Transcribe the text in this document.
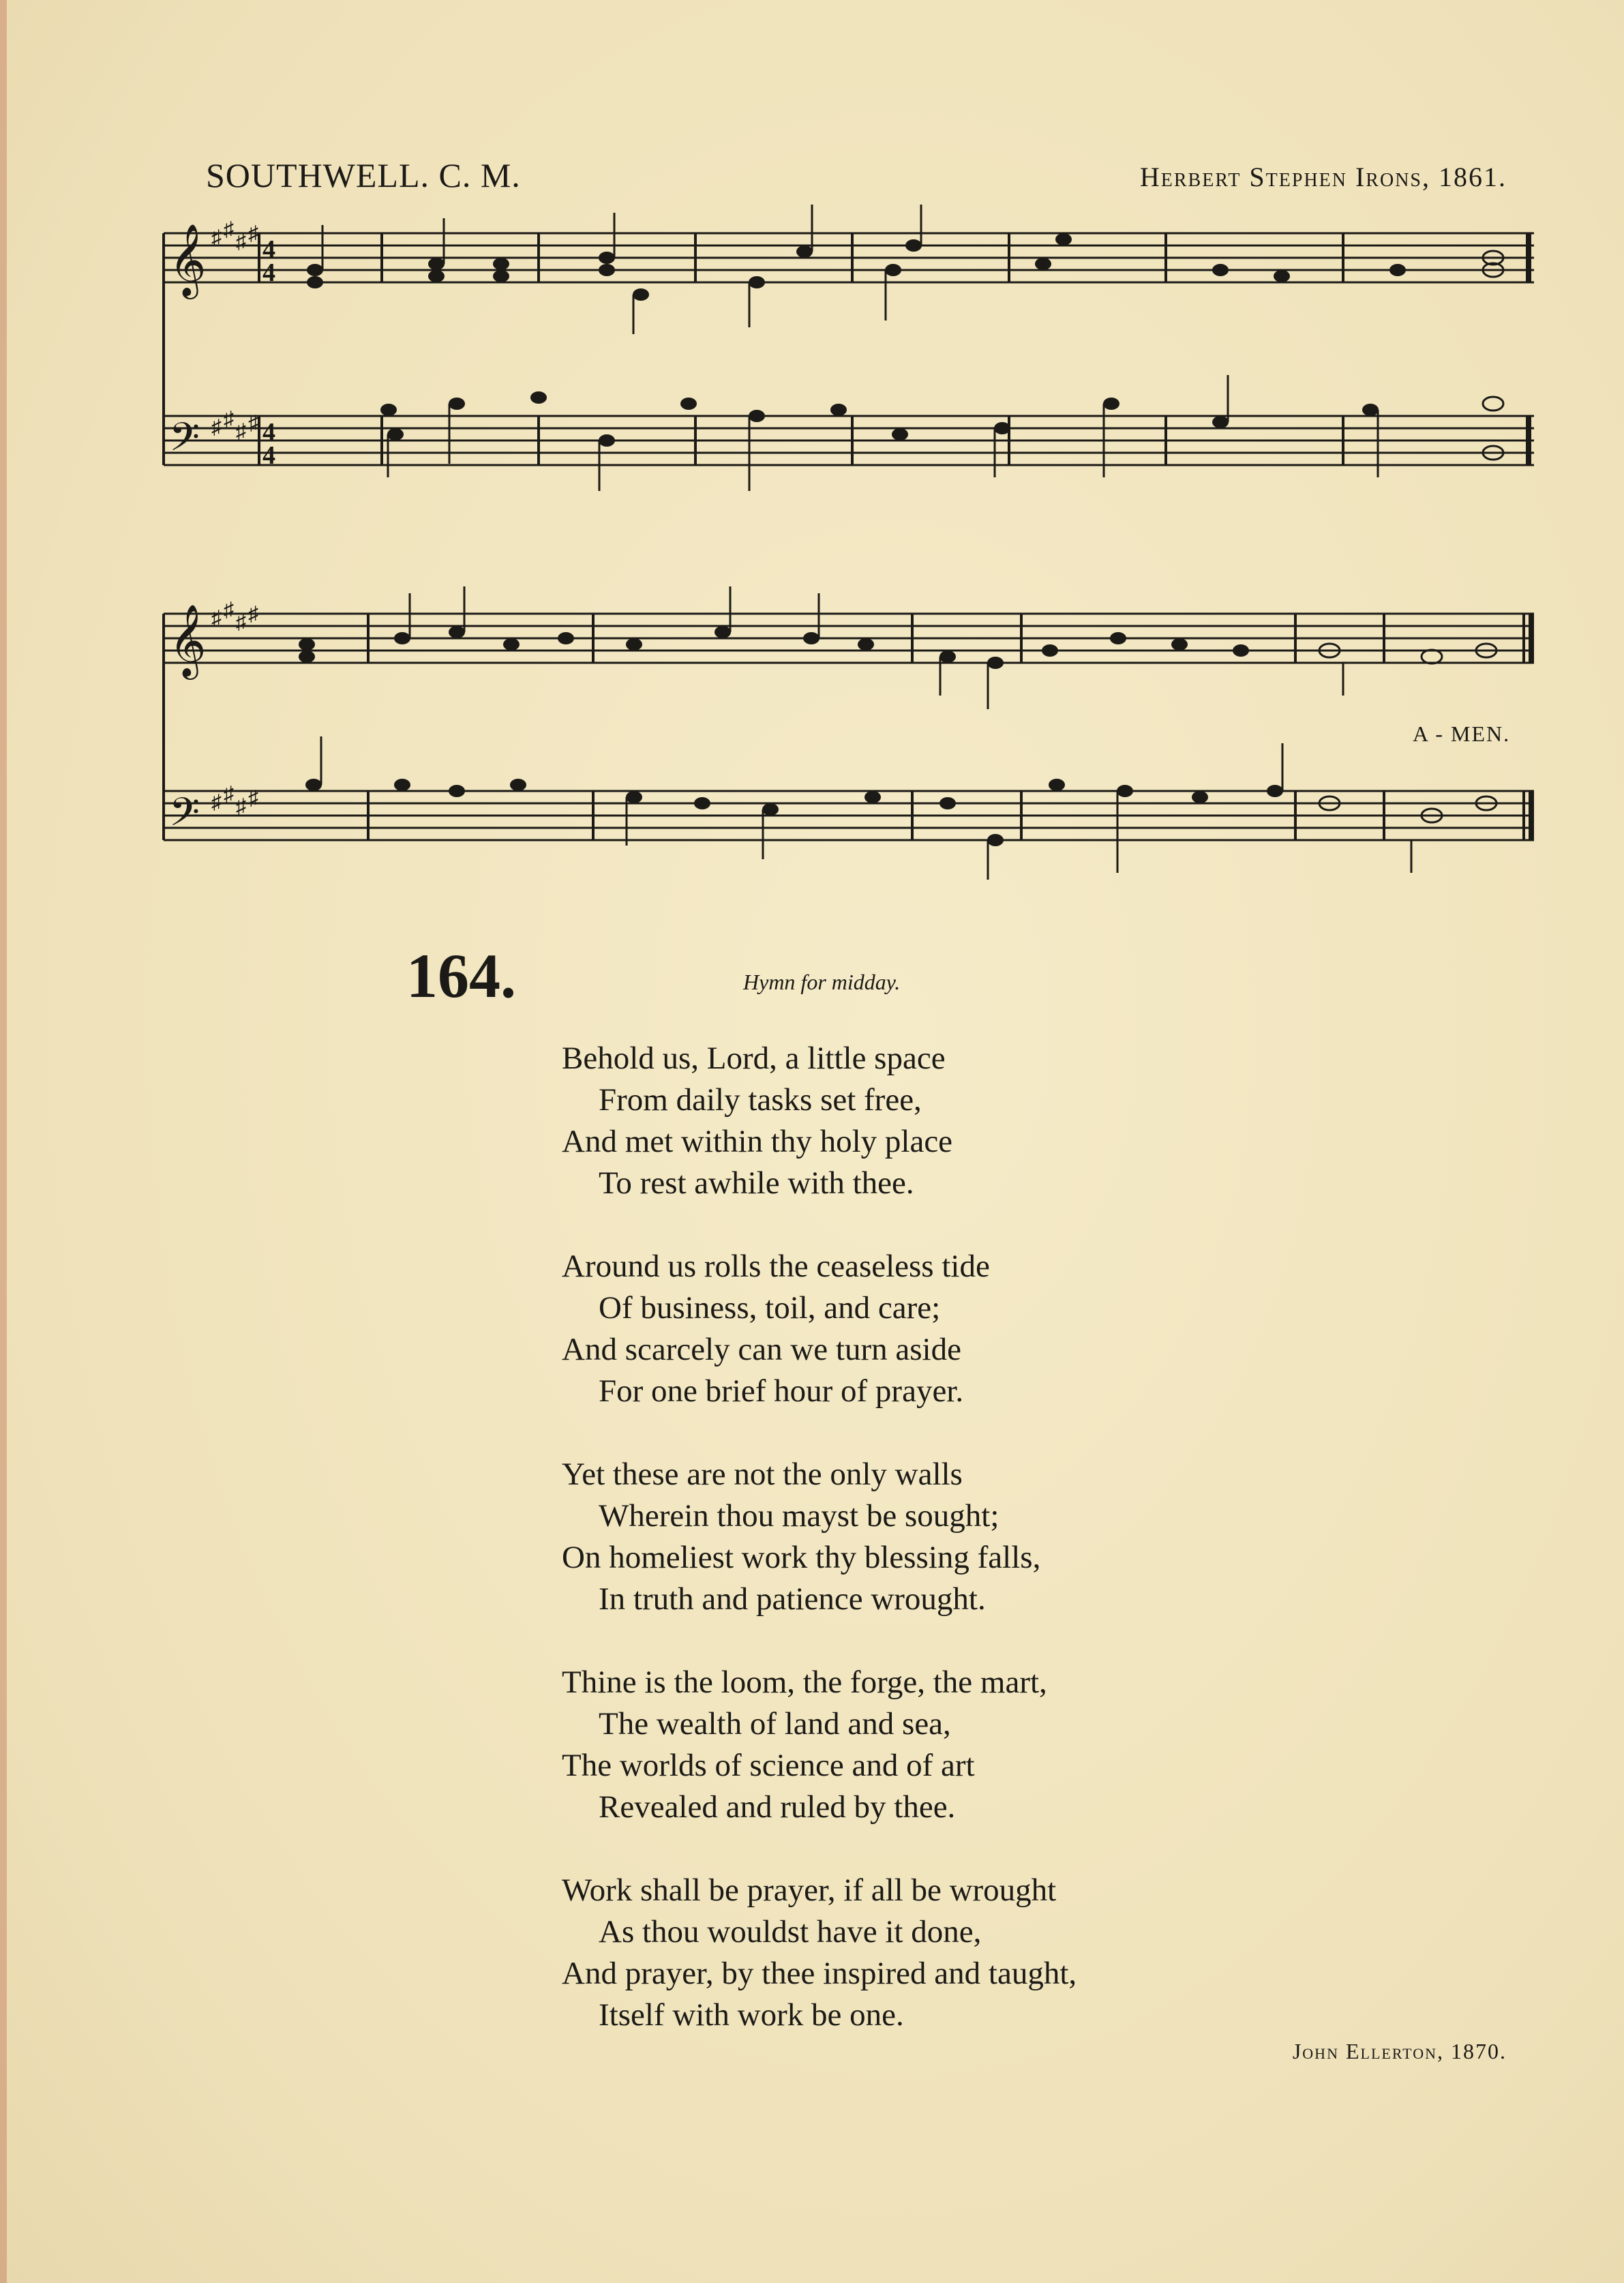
SOUTHWELL. C. M.	Herbert Stephen Irons, 1861.
𝄞
𝄢
♯ ♯
♯ ♯
♯ ♯
♯ ♯
4
4
4
4
𝄞
𝄢
♯ ♯
♯ ♯
♯ ♯
♯ ♯
A - MEN.
164.	Hymn for midday.
Behold us, Lord, a little space
From daily tasks set free,
And met within thy holy place
To rest awhile with thee.
Around us rolls the ceaseless tide
Of business, toil, and care;
And scarcely can we turn aside
For one brief hour of prayer.
Yet these are not the only walls
Wherein thou mayst be sought;
On homeliest work thy blessing falls,
In truth and patience wrought.
Thine is the loom, the forge, the mart,
The wealth of land and sea,
The worlds of science and of art
Revealed and ruled by thee.
Work shall be prayer, if all be wrought
As thou wouldst have it done,
And prayer, by thee inspired and taught,
Itself with work be one.
John Ellerton, 1870.
